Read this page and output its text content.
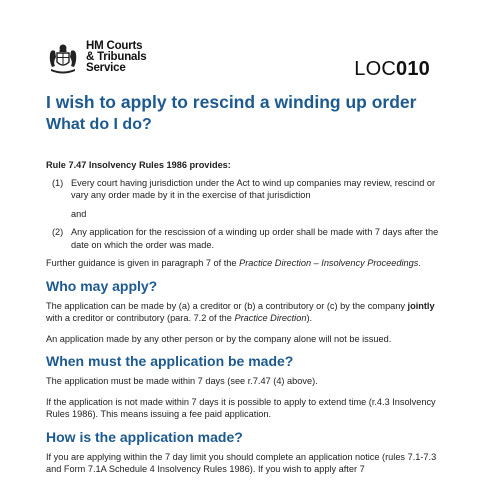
HM Courts
& Tribunals
Service	LOC010
I wish to apply to rescind a winding up order
What do I do?
Rule 7.47 Insolvency Rules 1986 provides:
(1) Every court having jurisdiction under the Act to wind up companies may review, rescind or vary any order made by it in the exercise of that jurisdiction
and
(2) Any application for the rescission of a winding up order shall be made with 7 days after the date on which the order was made.
Further guidance is given in paragraph 7 of the Practice Direction – Insolvency Proceedings.
Who may apply?
The application can be made by (a) a creditor or (b) a contributory or (c) by the company jointly with a creditor or contributory (para. 7.2 of the Practice Direction).
An application made by any other person or by the company alone will not be issued.
When must the application be made?
The application must be made within 7 days (see r.7.47 (4) above).
If the application is not made within 7 days it is possible to apply to extend time (r.4.3 Insolvency Rules 1986). This means issuing a fee paid application.
How is the application made?
If you are applying within the 7 day limit you should complete an application notice (rules 7.1-7.3 and Form 7.1A Schedule 4 Insolvency Rules 1986). If you wish to apply after 7
